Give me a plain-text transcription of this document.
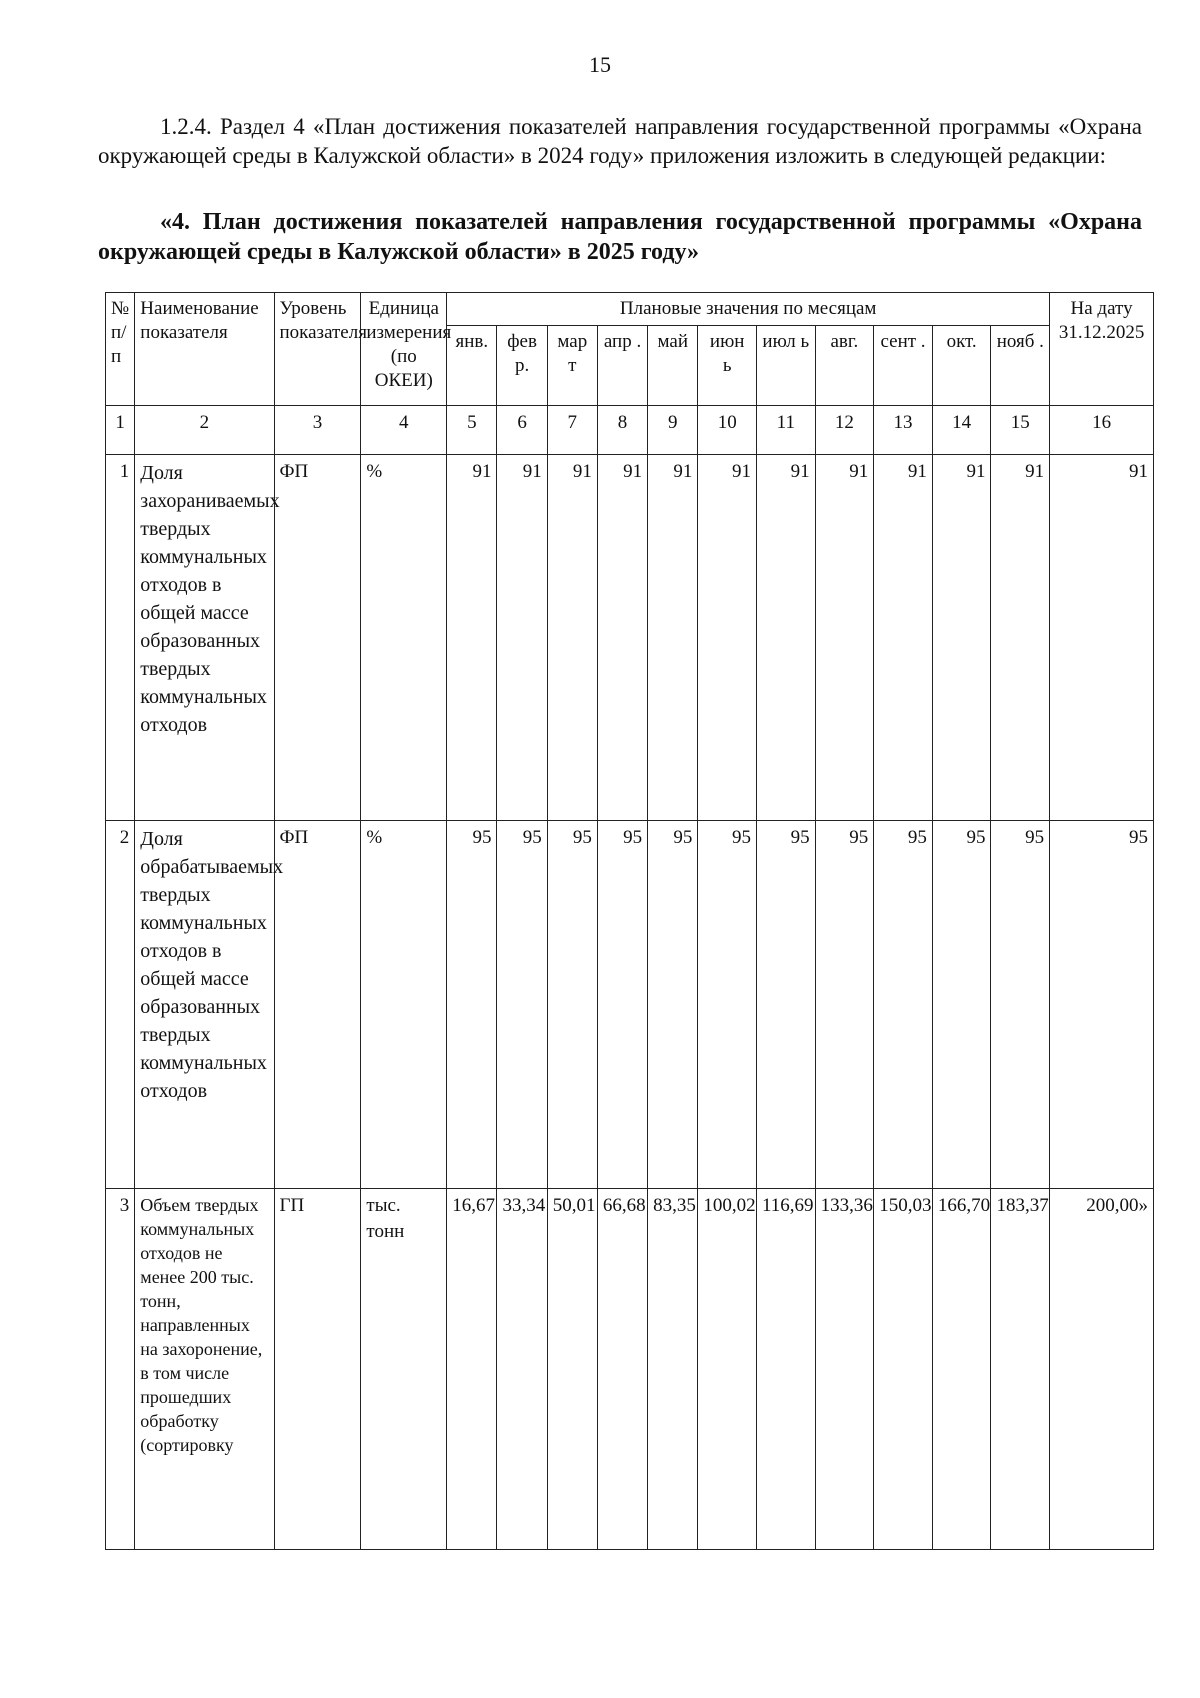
15

1.2.4. Раздел 4 «План достижения показателей направления государственной программы «Охрана окружающей среды в Калужской области» в 2024 году» приложения изложить в следующей редакции:

«4. План достижения показателей направления государственной программы «Охрана окружающей среды в Калужской области» в 2025 году»

№ п/п	Наименование показателя	Уровень показателя	Единица измерения (по ОКЕИ)	Плановые значения по месяцам											На дату 31.12.2025
				янв.	фев р.	мар т	апр .	май	июн ь	июл ь	авг.	сент .	окт.	нояб .	
1	2	3	4	5	6	7	8	9	10	11	12	13	14	15	16
1	Доля захораниваемых твердых коммунальных отходов в общей массе образованных твердых коммунальных отходов	ФП	%	91	91	91	91	91	91	91	91	91	91	91	91
2	Доля обрабатываемых твердых коммунальных отходов в общей массе образованных твердых коммунальных отходов	ФП	%	95	95	95	95	95	95	95	95	95	95	95	95
3	Объем твердых коммунальных отходов не менее 200 тыс. тонн, направленных на захоронение, в том числе прошедших обработку (сортировку	ГП	тыс. тонн	16,67	33,34	50,01	66,68	83,35	100,02	116,69	133,36	150,03	166,70	183,37	200,00»
